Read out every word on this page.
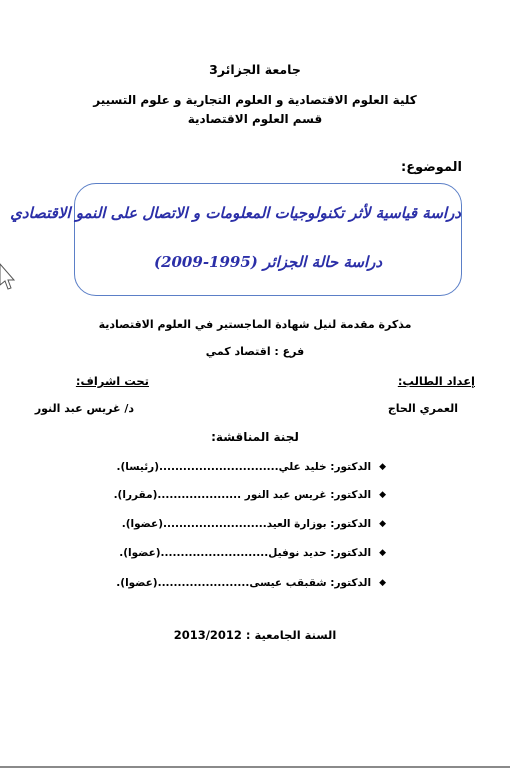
جامعة الجزائر3
كلية العلوم الاقتصادية و العلوم التجارية و علوم التسيير
قسم العلوم الاقتصادية
الموضوع:
دراسة قياسية لأثر تكنولوجيات المعلومات و الاتصال على النمو الاقتصادي
دراسة حالة الجزائر (1995-2009)
مذكرة مقدمة لنيل شهادة الماجستير في العلوم الاقتصادية
فرع : اقتصاد كمي
إعداد الطالب:
تحت اشراف:
العمري الحاج
د/ غريس عبد النور
لجنة المناقشة:
◆
الدكتور: خليد علي..............................(رئيسا).
◆
الدكتور: غريس عبد النور .....................(مقررا).
◆
الدكتور: بوزارة العيد..........................(عضوا).
◆
الدكتور: حديد نوفيل...........................(عضوا).
◆
الدكتور: شقبقب عيسى.......................(عضوا).
السنة الجامعية : 2013/2012
